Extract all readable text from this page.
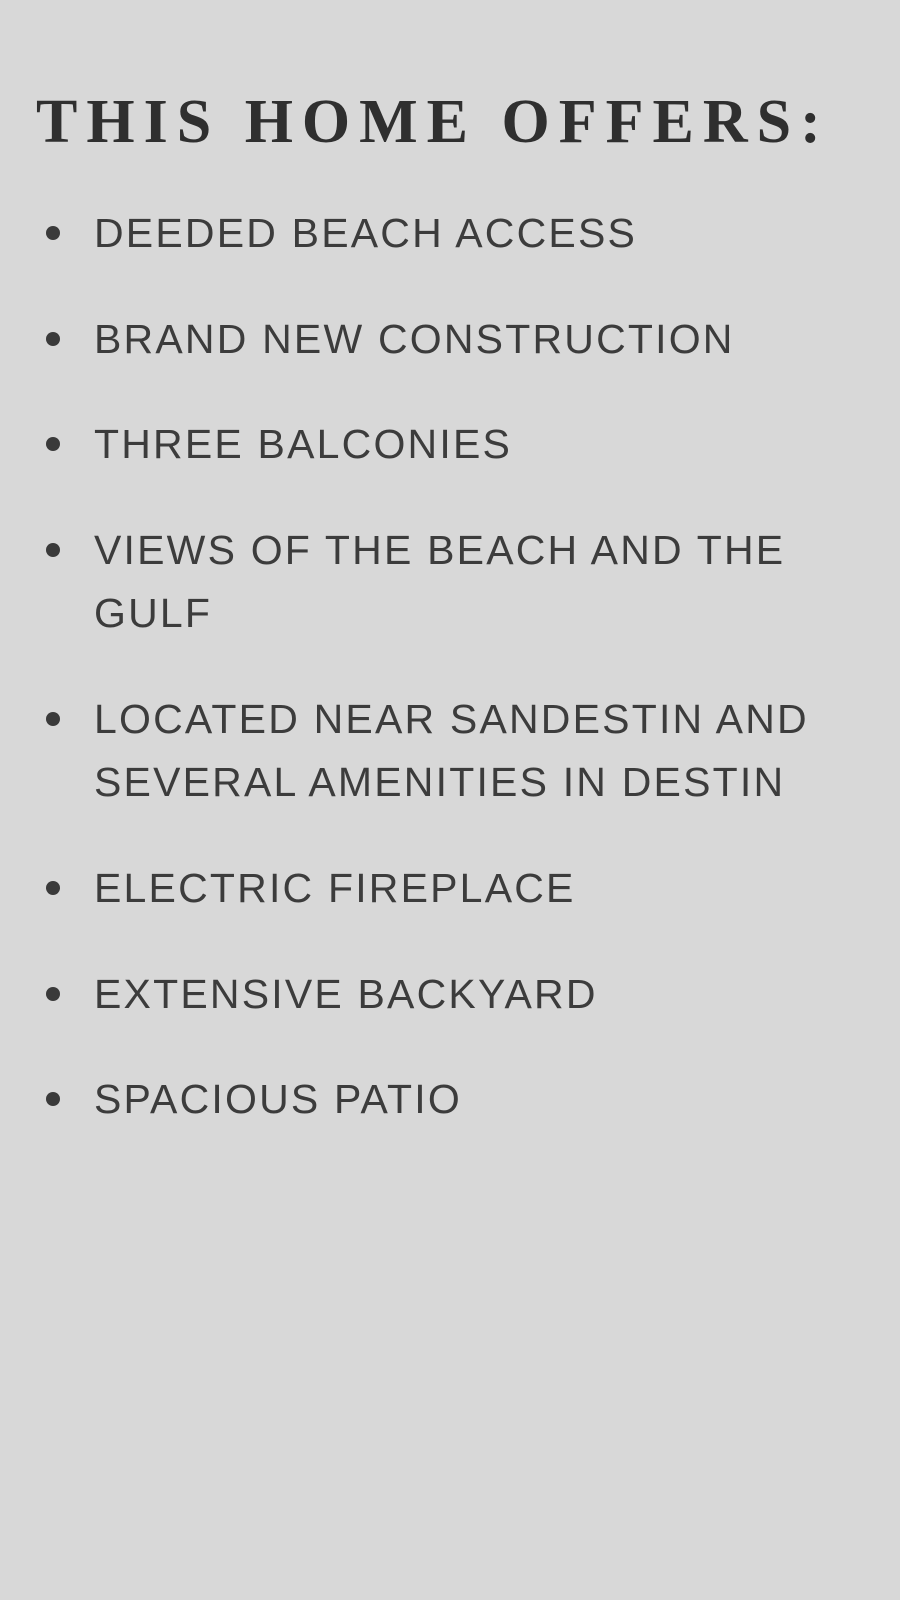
THIS HOME OFFERS:
DEEDED BEACH ACCESS
BRAND NEW CONSTRUCTION
THREE BALCONIES
VIEWS OF THE BEACH AND THE GULF
LOCATED NEAR SANDESTIN AND SEVERAL AMENITIES IN DESTIN
ELECTRIC FIREPLACE
EXTENSIVE BACKYARD
SPACIOUS PATIO
